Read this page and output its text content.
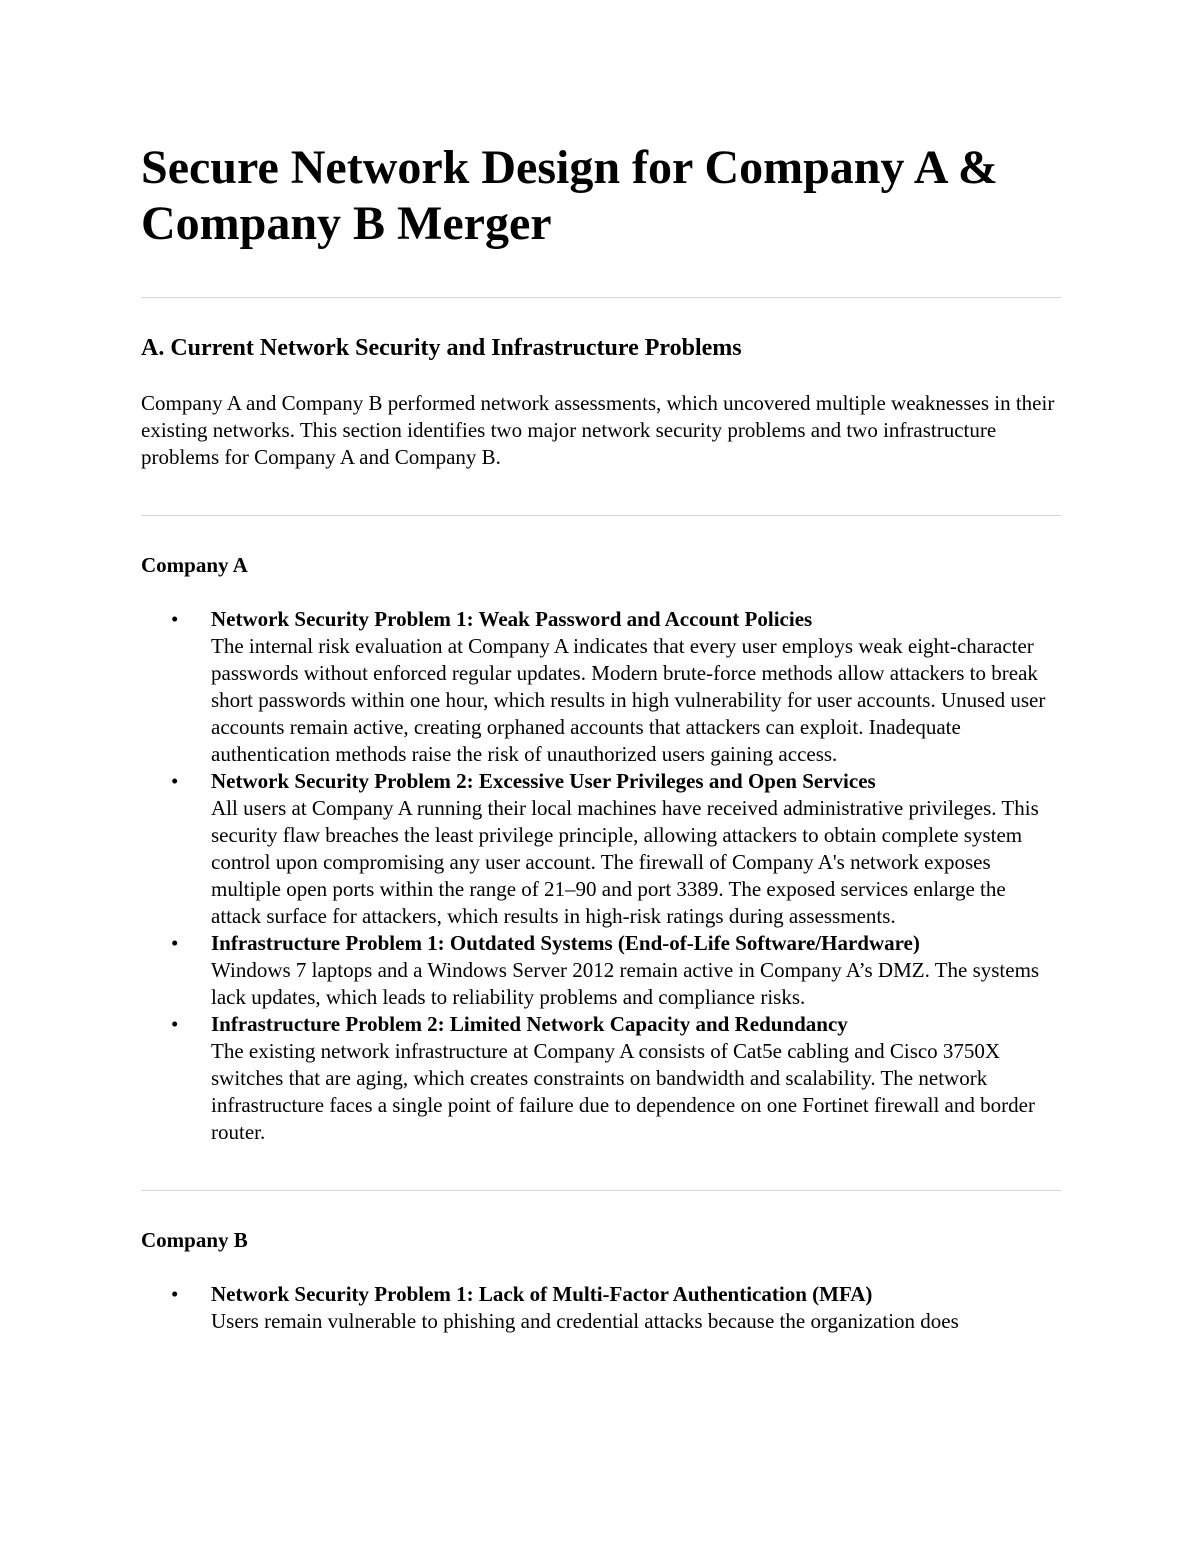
Secure Network Design for Company A & Company B Merger
A. Current Network Security and Infrastructure Problems

Company A and Company B performed network assessments, which uncovered multiple weaknesses in their existing networks. This section identifies two major network security problems and two infrastructure problems for Company A and Company B.

Company A
•	Network Security Problem 1: Weak Password and Account Policies
The internal risk evaluation at Company A indicates that every user employs weak eight-character passwords without enforced regular updates. Modern brute-force methods allow attackers to break short passwords within one hour, which results in high vulnerability for user accounts. Unused user accounts remain active, creating orphaned accounts that attackers can exploit. Inadequate authentication methods raise the risk of unauthorized users gaining access.
•	Network Security Problem 2: Excessive User Privileges and Open Services
All users at Company A running their local machines have received administrative privileges. This security flaw breaches the least privilege principle, allowing attackers to obtain complete system control upon compromising any user account. The firewall of Company A's network exposes multiple open ports within the range of 21–90 and port 3389. The exposed services enlarge the attack surface for attackers, which results in high-risk ratings during assessments.
•	Infrastructure Problem 1: Outdated Systems (End-of-Life Software/Hardware)
Windows 7 laptops and a Windows Server 2012 remain active in Company A’s DMZ. The systems lack updates, which leads to reliability problems and compliance risks.
•	Infrastructure Problem 2: Limited Network Capacity and Redundancy
The existing network infrastructure at Company A consists of Cat5e cabling and Cisco 3750X switches that are aging, which creates constraints on bandwidth and scalability. The network infrastructure faces a single point of failure due to dependence on one Fortinet firewall and border router.
Company B
•	Network Security Problem 1: Lack of Multi-Factor Authentication (MFA)
Users remain vulnerable to phishing and credential attacks because the organization does
